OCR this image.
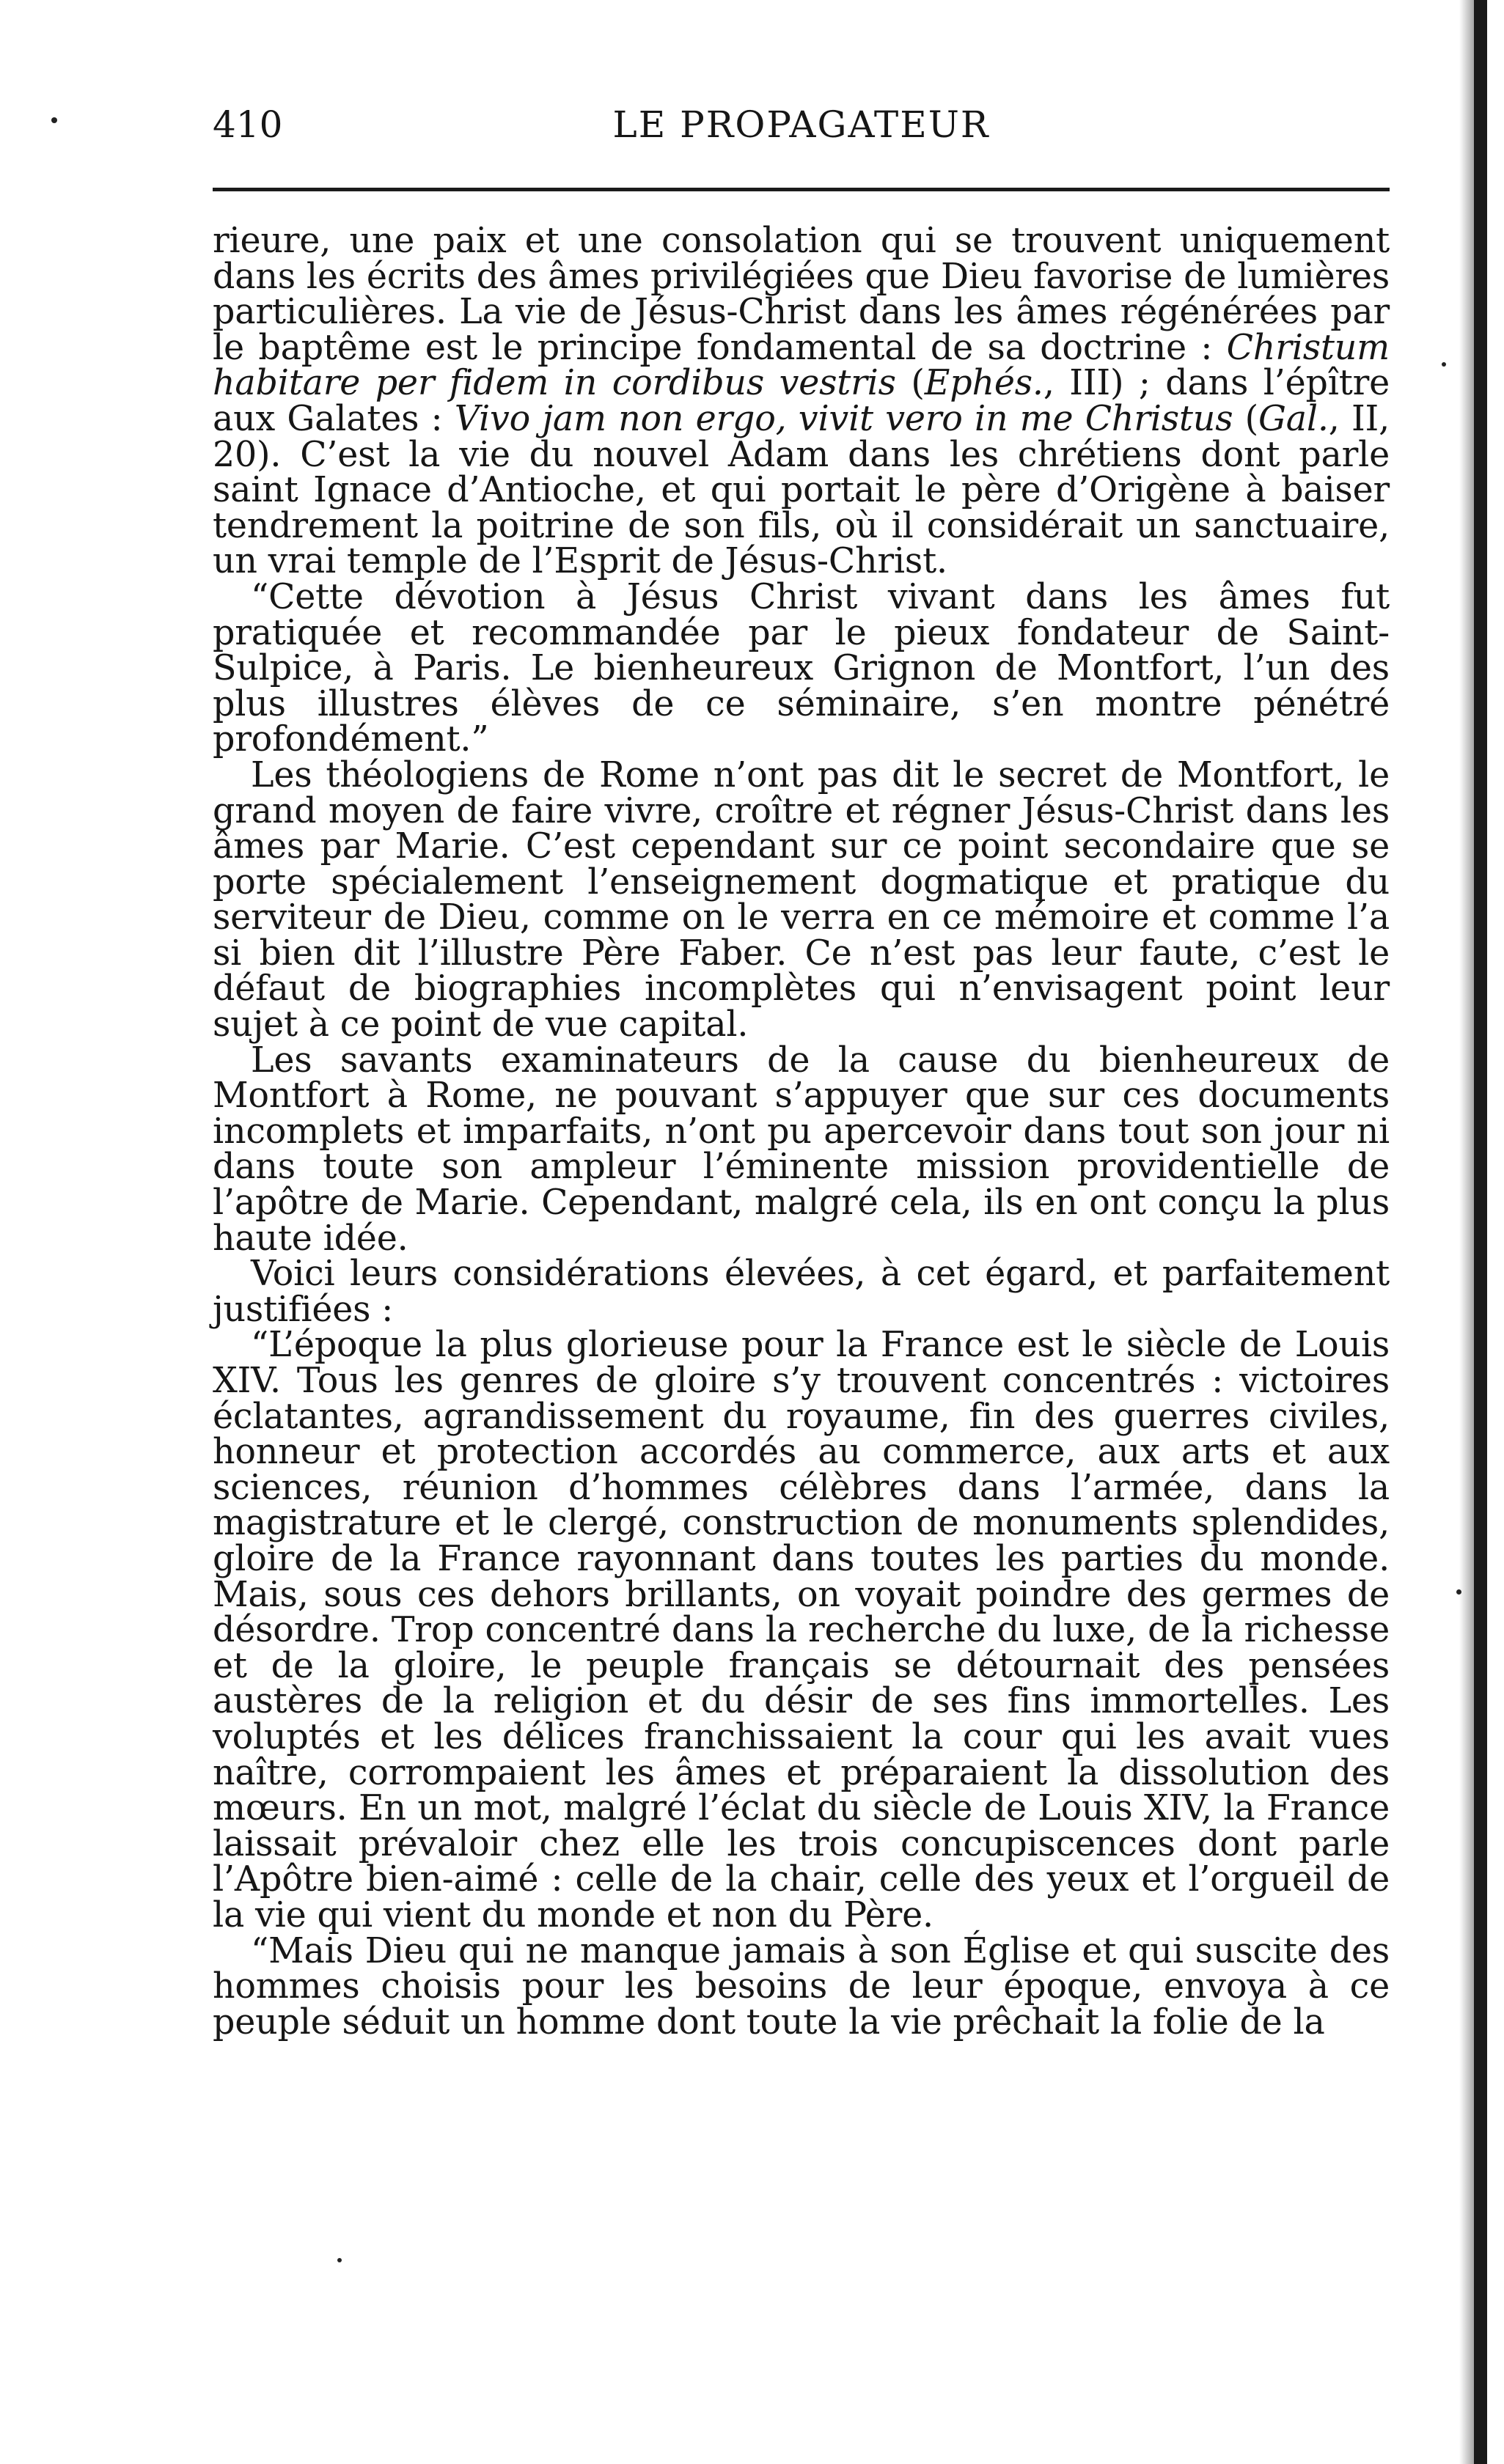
LE PROPAGATEUR
410

rieure, une paix et une consolation qui se trouvent uniquement dans les écrits des âmes privilégiées que Dieu favorise de lumières particulières. La vie de Jésus-Christ dans les âmes régénérées par le baptême est le principe fondamental de sa doctrine : Christum habitare per fidem in cordibus vestris (Ephés., III) ; dans l’épître aux Galates : Vivo jam non ergo, vivit vero in me Christus (Gal., II, 20). C’est la vie du nouvel Adam dans les chrétiens dont parle saint Ignace d’Antioche, et qui portait le père d’Origène à baiser tendrement la poitrine de son fils, où il considérait un sanctuaire, un vrai temple de l’Esprit de Jésus-Christ.

“Cette dévotion à Jésus Christ vivant dans les âmes fut pratiquée et recommandée par le pieux fondateur de Saint-Sulpice, à Paris. Le bienheureux Grignon de Montfort, l’un des plus illustres élèves de ce séminaire, s’en montre pénétré profondément.”

Les théologiens de Rome n’ont pas dit le secret de Montfort, le grand moyen de faire vivre, croître et régner Jésus-Christ dans les âmes par Marie. C’est cependant sur ce point secondaire que se porte spécialement l’enseignement dogmatique et pratique du serviteur de Dieu, comme on le verra en ce mémoire et comme l’a si bien dit l’illustre Père Faber. Ce n’est pas leur faute, c’est le défaut de biographies incomplètes qui n’envisagent point leur sujet à ce point de vue capital.

Les savants examinateurs de la cause du bienheureux de Montfort à Rome, ne pouvant s’appuyer que sur ces documents incomplets et imparfaits, n’ont pu apercevoir dans tout son jour ni dans toute son ampleur l’éminente mission providentielle de l’apôtre de Marie. Cependant, malgré cela, ils en ont conçu la plus haute idée.

Voici leurs considérations élevées, à cet égard, et parfaitement justifiées :

“L’époque la plus glorieuse pour la France est le siècle de Louis XIV. Tous les genres de gloire s’y trouvent concentrés : victoires éclatantes, agrandissement du royaume, fin des guerres civiles, honneur et protection accordés au commerce, aux arts et aux sciences, réunion d’hommes célèbres dans l’armée, dans la magistrature et le clergé, construction de monuments splendides, gloire de la France rayonnant dans toutes les parties du monde. Mais, sous ces dehors brillants, on voyait poindre des germes de désordre. Trop concentré dans la recherche du luxe, de la richesse et de la gloire, le peuple français se détournait des pensées austères de la religion et du désir de ses fins immortelles. Les voluptés et les délices franchissaient la cour qui les avait vues naître, corrompaient les âmes et préparaient la dissolution des mœurs. En un mot, malgré l’éclat du siècle de Louis XIV, la France laissait prévaloir chez elle les trois concupiscences dont parle l’Apôtre bien-aimé : celle de la chair, celle des yeux et l’orgueil de la vie qui vient du monde et non du Père.

“Mais Dieu qui ne manque jamais à son Église et qui suscite des hommes choisis pour les besoins de leur époque, envoya à ce peuple séduit un homme dont toute la vie prêchait la folie de la
